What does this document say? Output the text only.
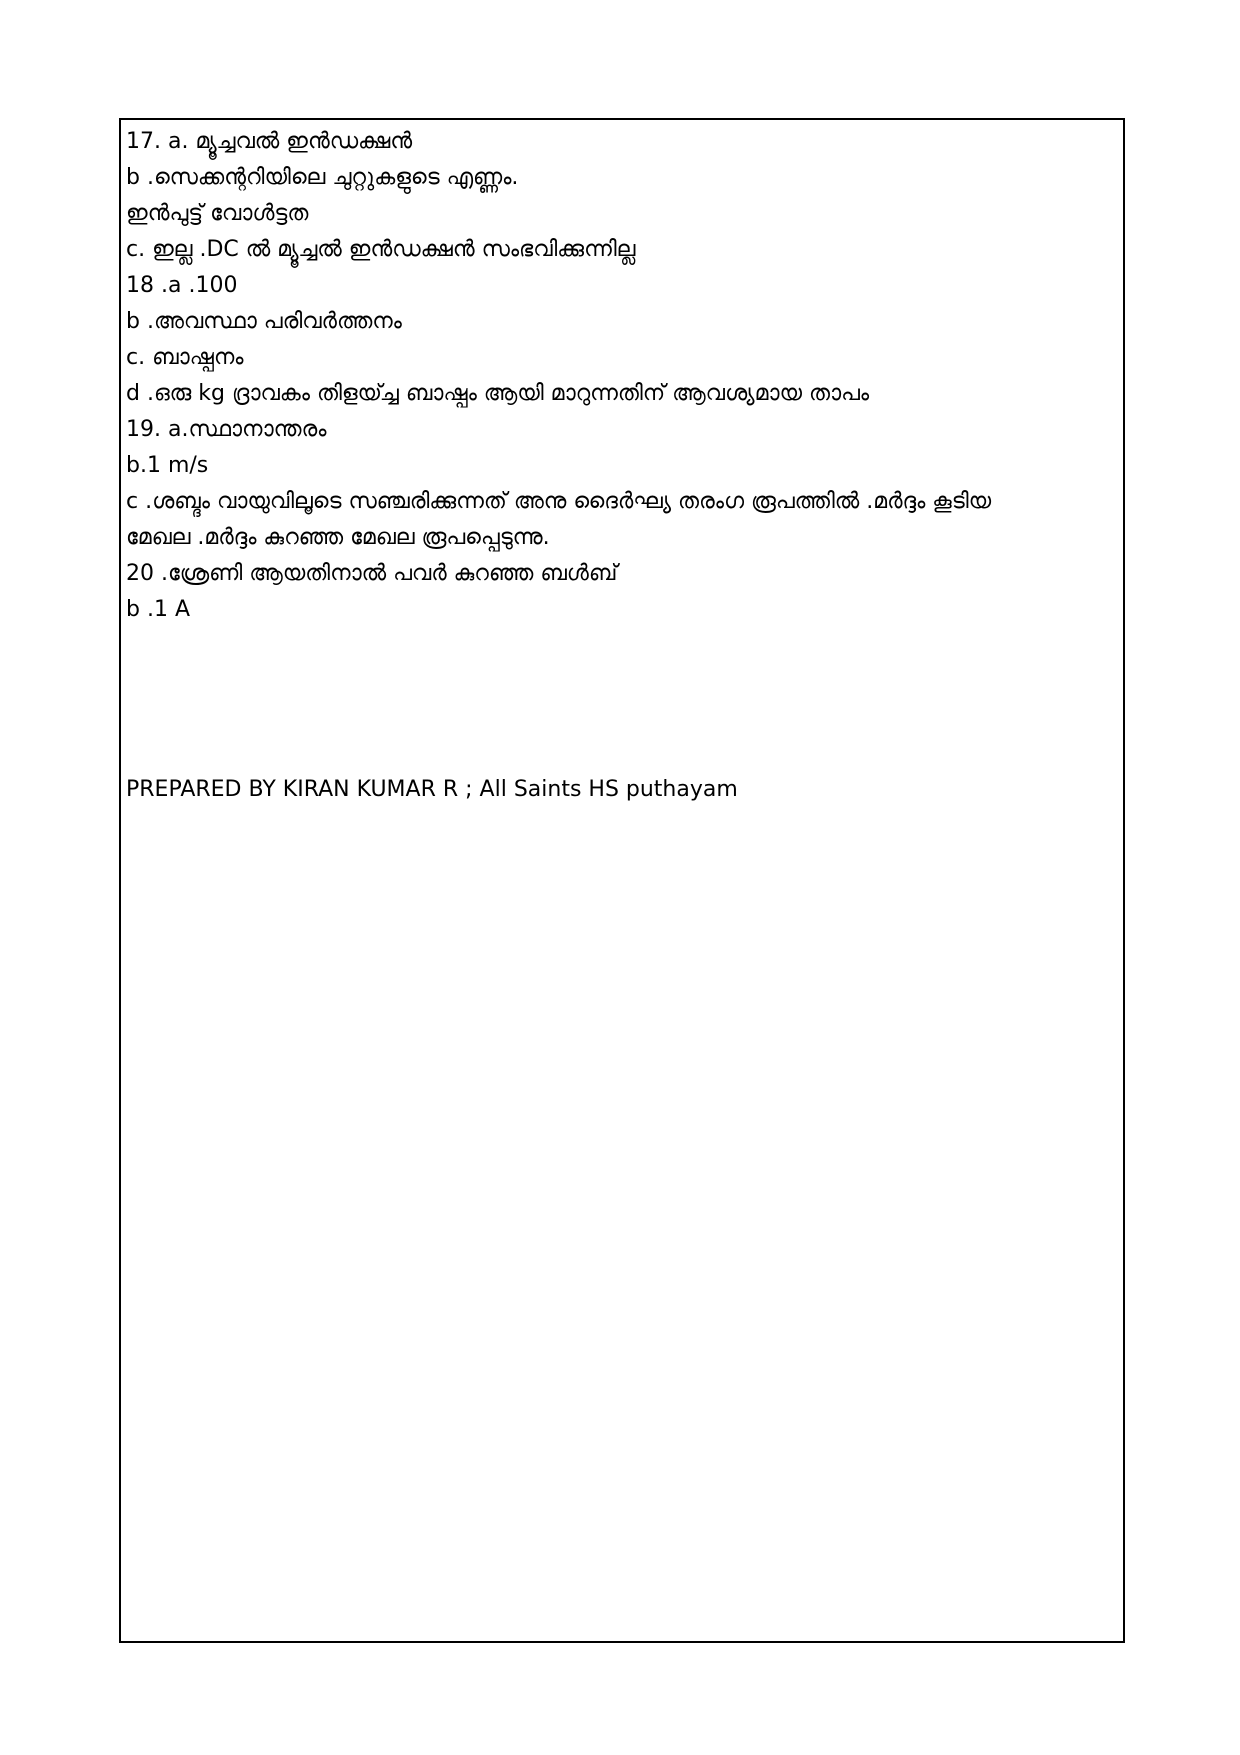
17. a. മ്യൂച്ചവൽ ഇൻഡക്ഷൻ
b .സെക്കന്ററിയിലെ ചുറ്റുകളുടെ എണ്ണം.
ഇൻപുട്ട് വോൾട്ടത
c. ഇല്ല .DC ൽ മ്യൂച്ചൽ ഇൻഡക്ഷൻ സംഭവിക്കുന്നില്ല
18 .a .100
b .അവസ്ഥാ പരിവർത്തനം
c. ബാഷ്പനം
d .ഒരു kg ദ്രാവകം തിളയ്ച്ച ബാഷ്പം ആയി മാറുന്നതിന് ആവശ്യമായ താപം
19. a.സ്ഥാനാന്തരം
b.1 m/s
c .ശബ്ദം വായുവിലൂടെ സഞ്ചരിക്കുന്നത് അനു ദൈർഘ്യ തരംഗ രൂപത്തിൽ .മർദ്ദം കൂടിയ
മേഖല .മർദ്ദം കുറഞ്ഞ മേഖല രൂപപ്പെടുന്നു.
20 .ശ്രേണി ആയതിനാൽ പവർ കുറഞ്ഞ ബൾബ്
b .1 A
PREPARED BY KIRAN KUMAR R ; All Saints HS puthayam
